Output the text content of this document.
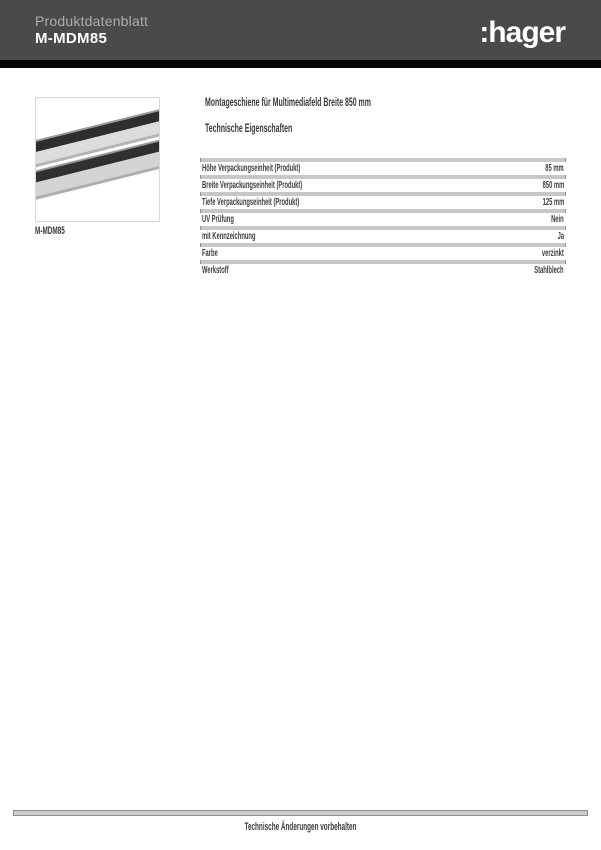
Produktdatenblatt
M-MDM85	:hager
M-MDM85
Montageschiene für Multimediafeld Breite 850 mm
Technische Eigenschaften
Höhe Verpackungseinheit (Produkt)	85 mm
Breite Verpackungseinheit (Produkt)	850 mm
Tiefe Verpackungseinheit (Produkt)	125 mm
UV Prüfung	Nein
mit Kennzeichnung	Ja
Farbe	verzinkt
Werkstoff	Stahlblech
Technische Änderungen vorbehalten
